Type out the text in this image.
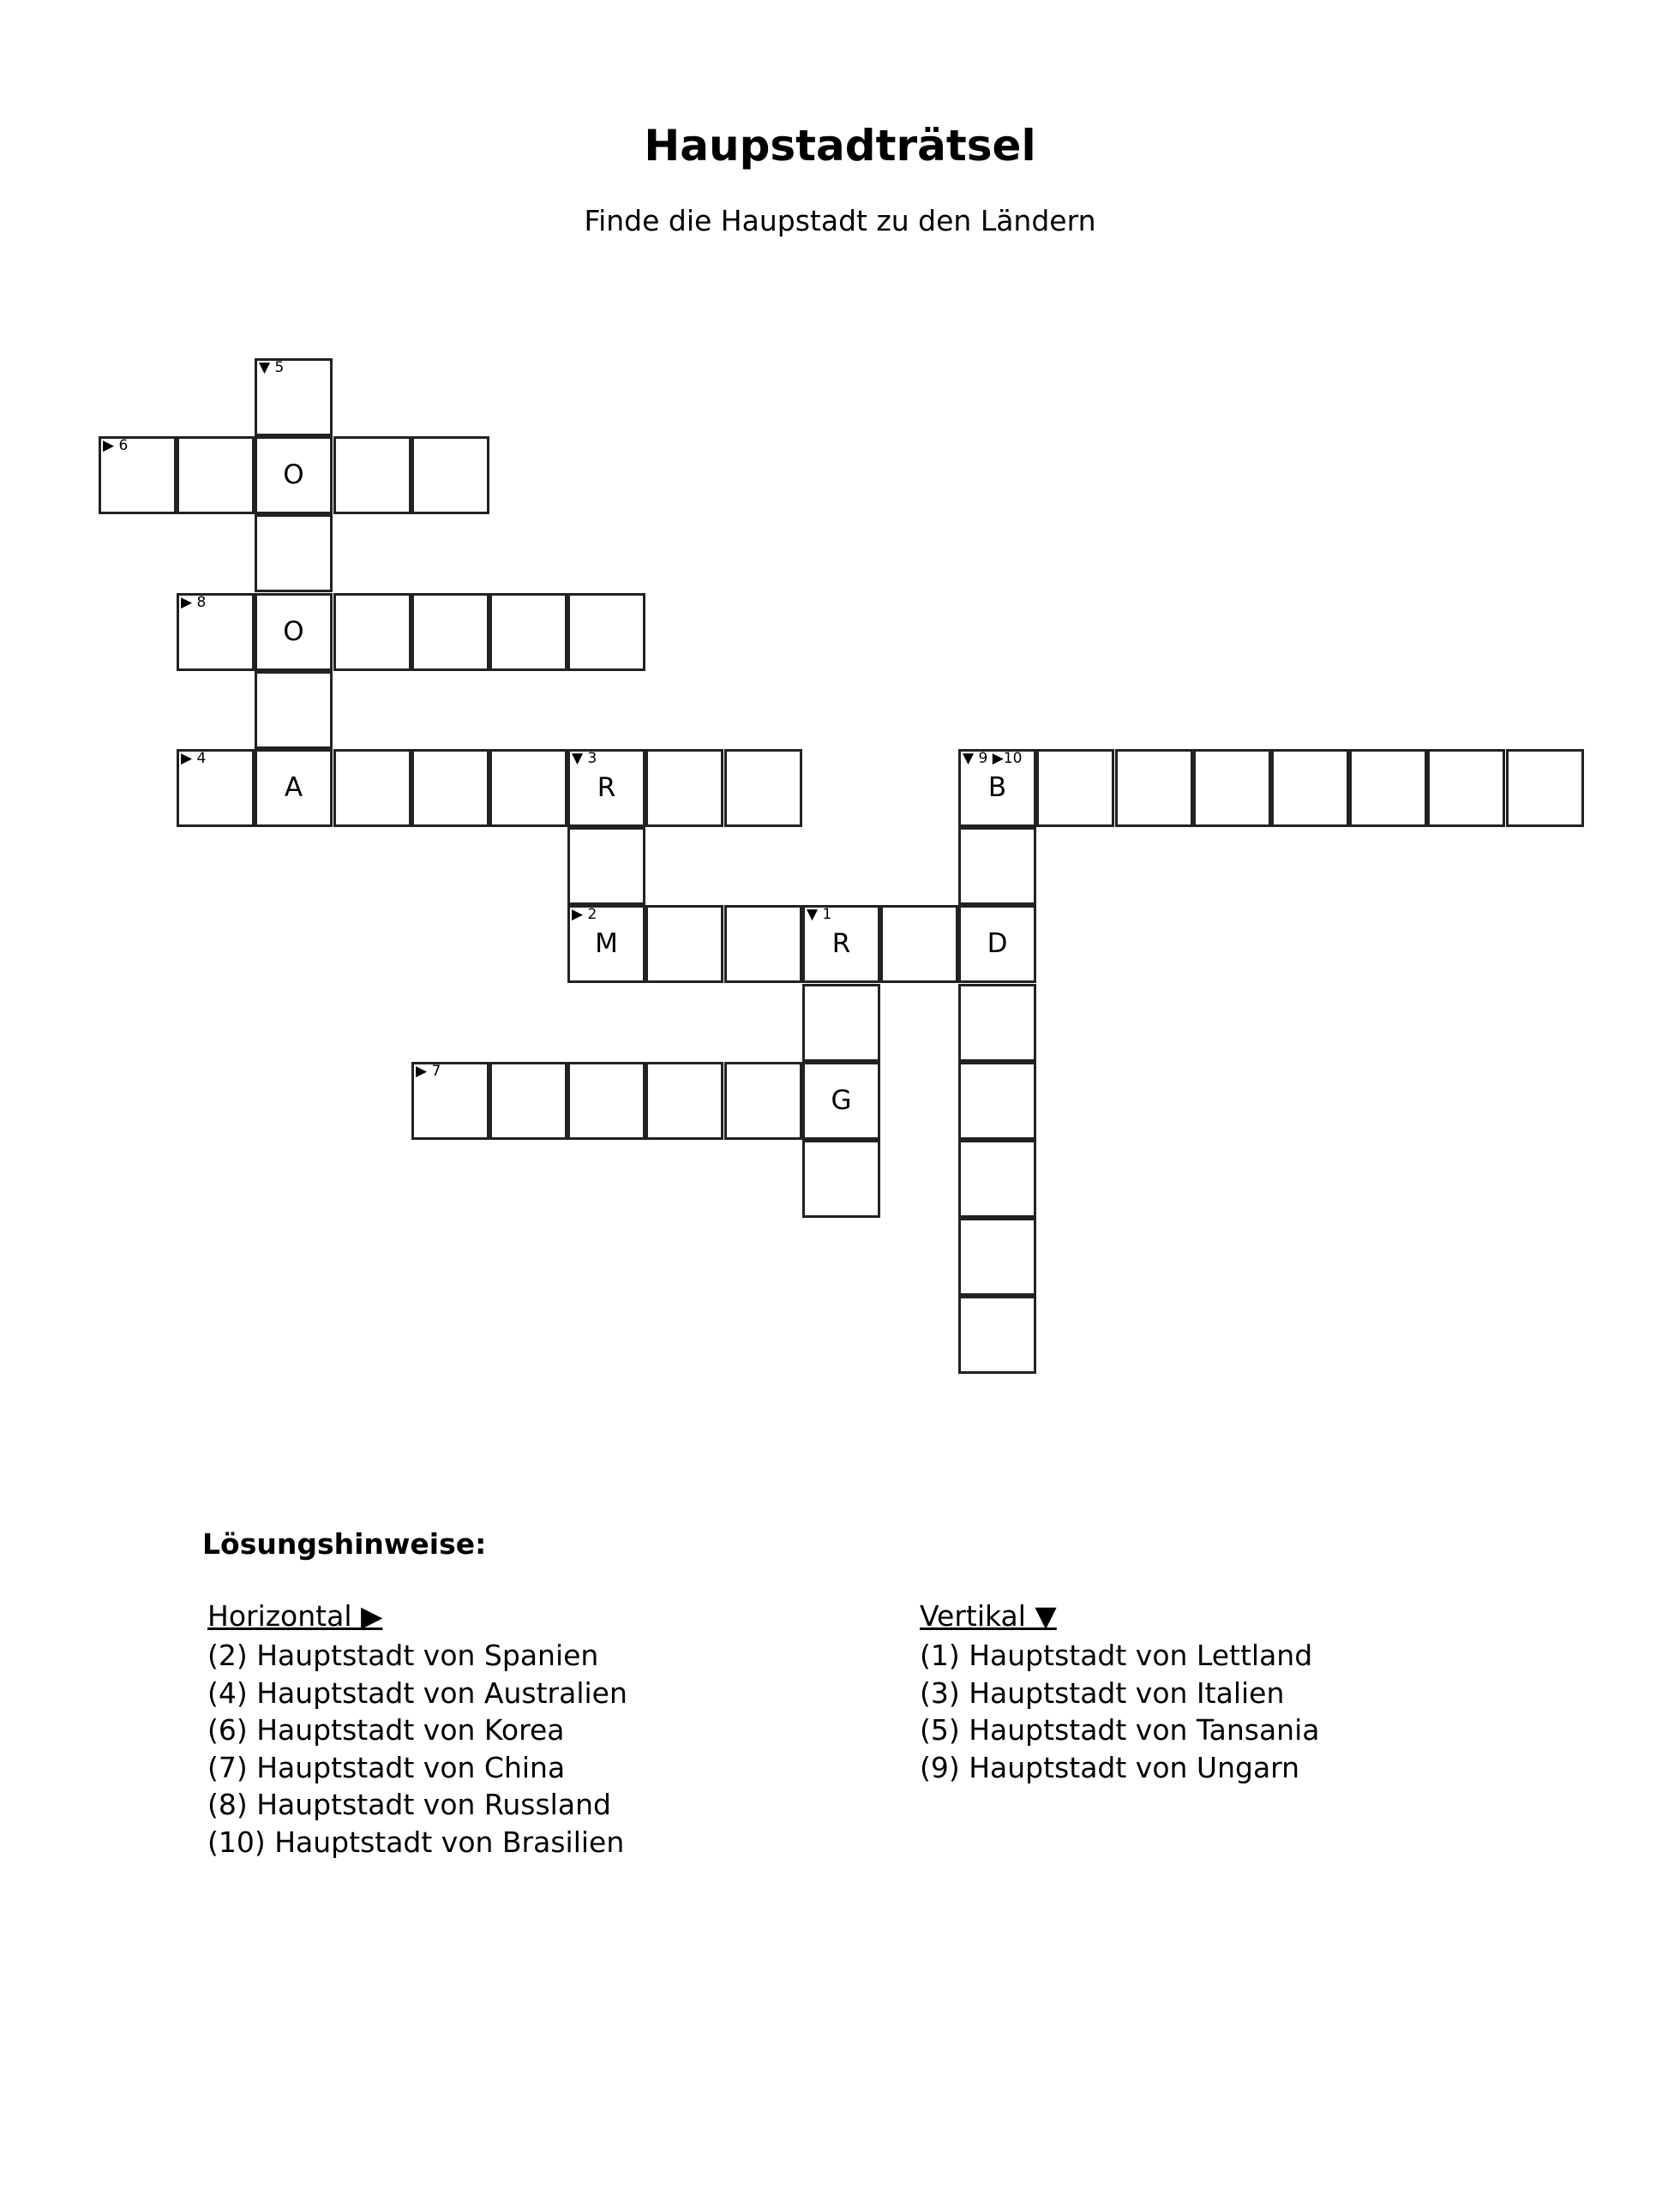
Haupstadträtsel
Finde die Haupstadt zu den Ländern
▼ 5
▶ 6
O
▶ 8
O
▶ 4
A
▼ 3
R
▼ 9 ▶10
B
▶ 2
M
▼ 1
R	D
▶ 7
G
Lösungshinweise:
Horizontal ▶
(2) Hauptstadt von Spanien
(4) Hauptstadt von Australien
(6) Hauptstadt von Korea
(7) Hauptstadt von China
(8) Hauptstadt von Russland
(10) Hauptstadt von Brasilien
Vertikal ▼
(1) Hauptstadt von Lettland
(3) Hauptstadt von Italien
(5) Hauptstadt von Tansania
(9) Hauptstadt von Ungarn
